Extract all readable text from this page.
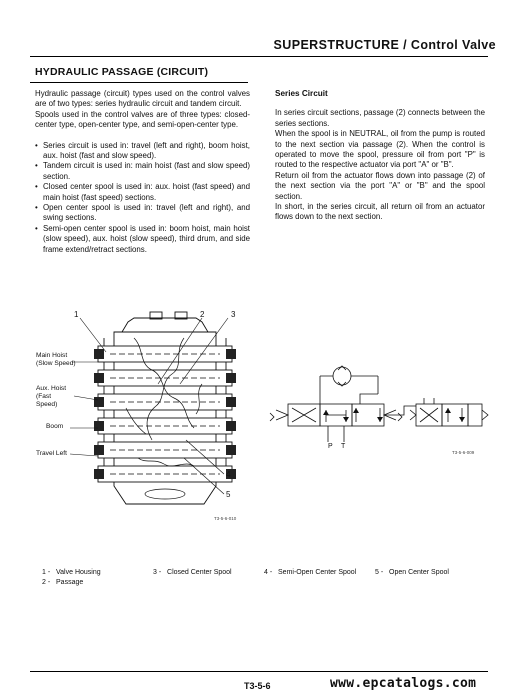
SUPERSTRUCTURE / Control Valve
HYDRAULIC PASSAGE (CIRCUIT)

Hydraulic passage (circuit) types used on the control valves are of two types: series hydraulic circuit and tandem circuit.

Spools used in the control valves are of three types: closed-center type, open-center type, and semi-open-center type.

• Series circuit is used in: travel (left and right), boom hoist, aux. hoist (fast and slow speed).

• Tandem circuit is used in: main hoist (fast and slow speed) section.

• Closed center spool is used in: aux. hoist (fast speed) and main hoist (fast speed) sections.

• Open center spool is used in: travel (left and right), and swing sections.

• Semi-open center spool is used in: boom hoist, main hoist (slow speed), aux. hoist (slow speed), third drum, and side frame extend/retract sections.

Series Circuit

In series circuit sections, passage (2) connects between the series sections.

When the spool is in NEUTRAL, oil from the pump is routed to the next section via passage (2). When the control is operated to move the spool, pressure oil from port "P" is routed to the respective actuator via port "A" or "B".

Return oil from the actuator flows down into passage (2) of the next section via the port "A" or "B" and the spool section.

In short, in the series circuit, all return oil from an actuator flows down to the next section.

1	2	3
4
5
Main Hoist
(Slow Speed)
Aux. Hoist
(Fast
Speed)
Boom
Travel Left
T3-5-6-010
P T
T3-5-6-009
1 - Valve Housing
2 - Passage
3 - Closed Center Spool	4 - Semi-Open Center Spool	5 - Open Center Spool
T3-5-6	www.epcatalogs.com
